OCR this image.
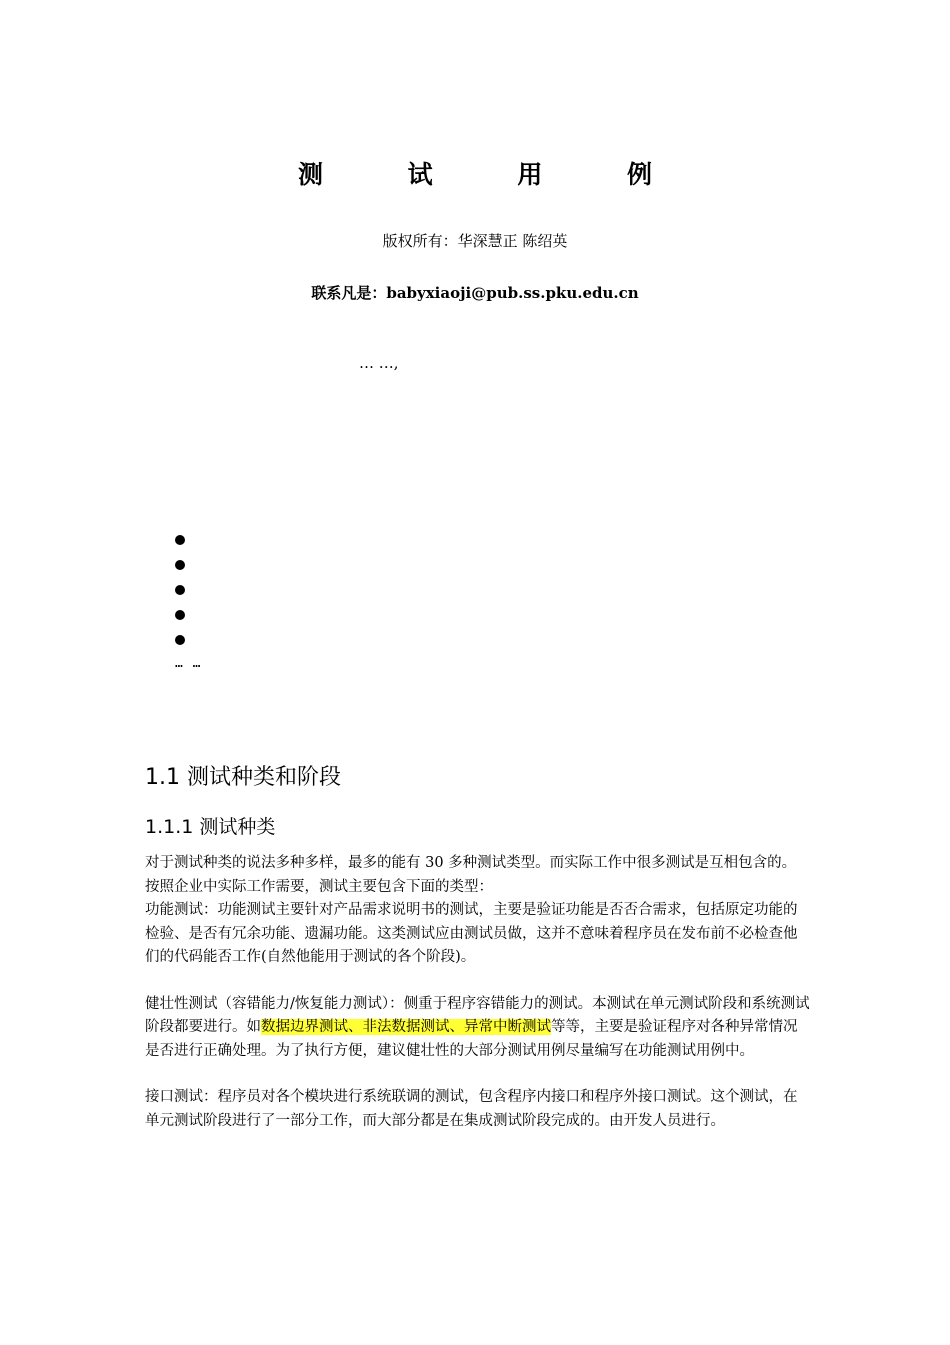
测 试 用 例
版权所有：华深慧正 陈绍英
联系凡是：babyxiaoji@pub.ss.pku.edu.cn
… …,
… …
1.1 测试种类和阶段
1.1.1 测试种类

对于测试种类的说法多种多样，最多的能有 30 多种测试类型。而实际工作中很多测试是互相包含的。按照企业中实际工作需要，测试主要包含下面的类型：

功能测试：功能测试主要针对产品需求说明书的测试，主要是验证功能是否否合需求，包括原定功能的检验、是否有冗余功能、遗漏功能。这类测试应由测试员做，这并不意味着程序员在发布前不必检查他们的代码能否工作(自然他能用于测试的各个阶段)。

健壮性测试（容错能力/恢复能力测试）：侧重于程序容错能力的测试。本测试在单元测试阶段和系统测试阶段都要进行。如数据边界测试、非法数据测试、异常中断测试等等，主要是验证程序对各种异常情况是否进行正确处理。为了执行方便，建议健壮性的大部分测试用例尽量编写在功能测试用例中。

接口测试：程序员对各个模块进行系统联调的测试，包含程序内接口和程序外接口测试。这个测试，在单元测试阶段进行了一部分工作，而大部分都是在集成测试阶段完成的。由开发人员进行。
